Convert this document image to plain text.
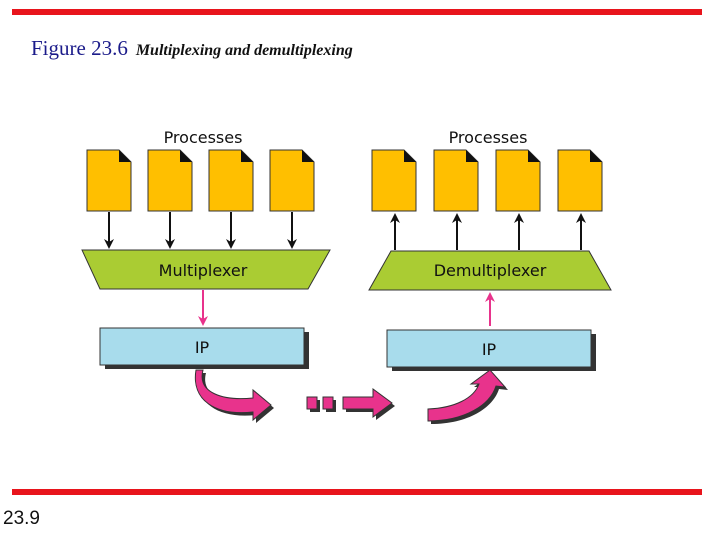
Figure 23.6 Multiplexing and demultiplexing
Processes
Multiplexer
IP
Processes
Demultiplexer
IP
23.9
